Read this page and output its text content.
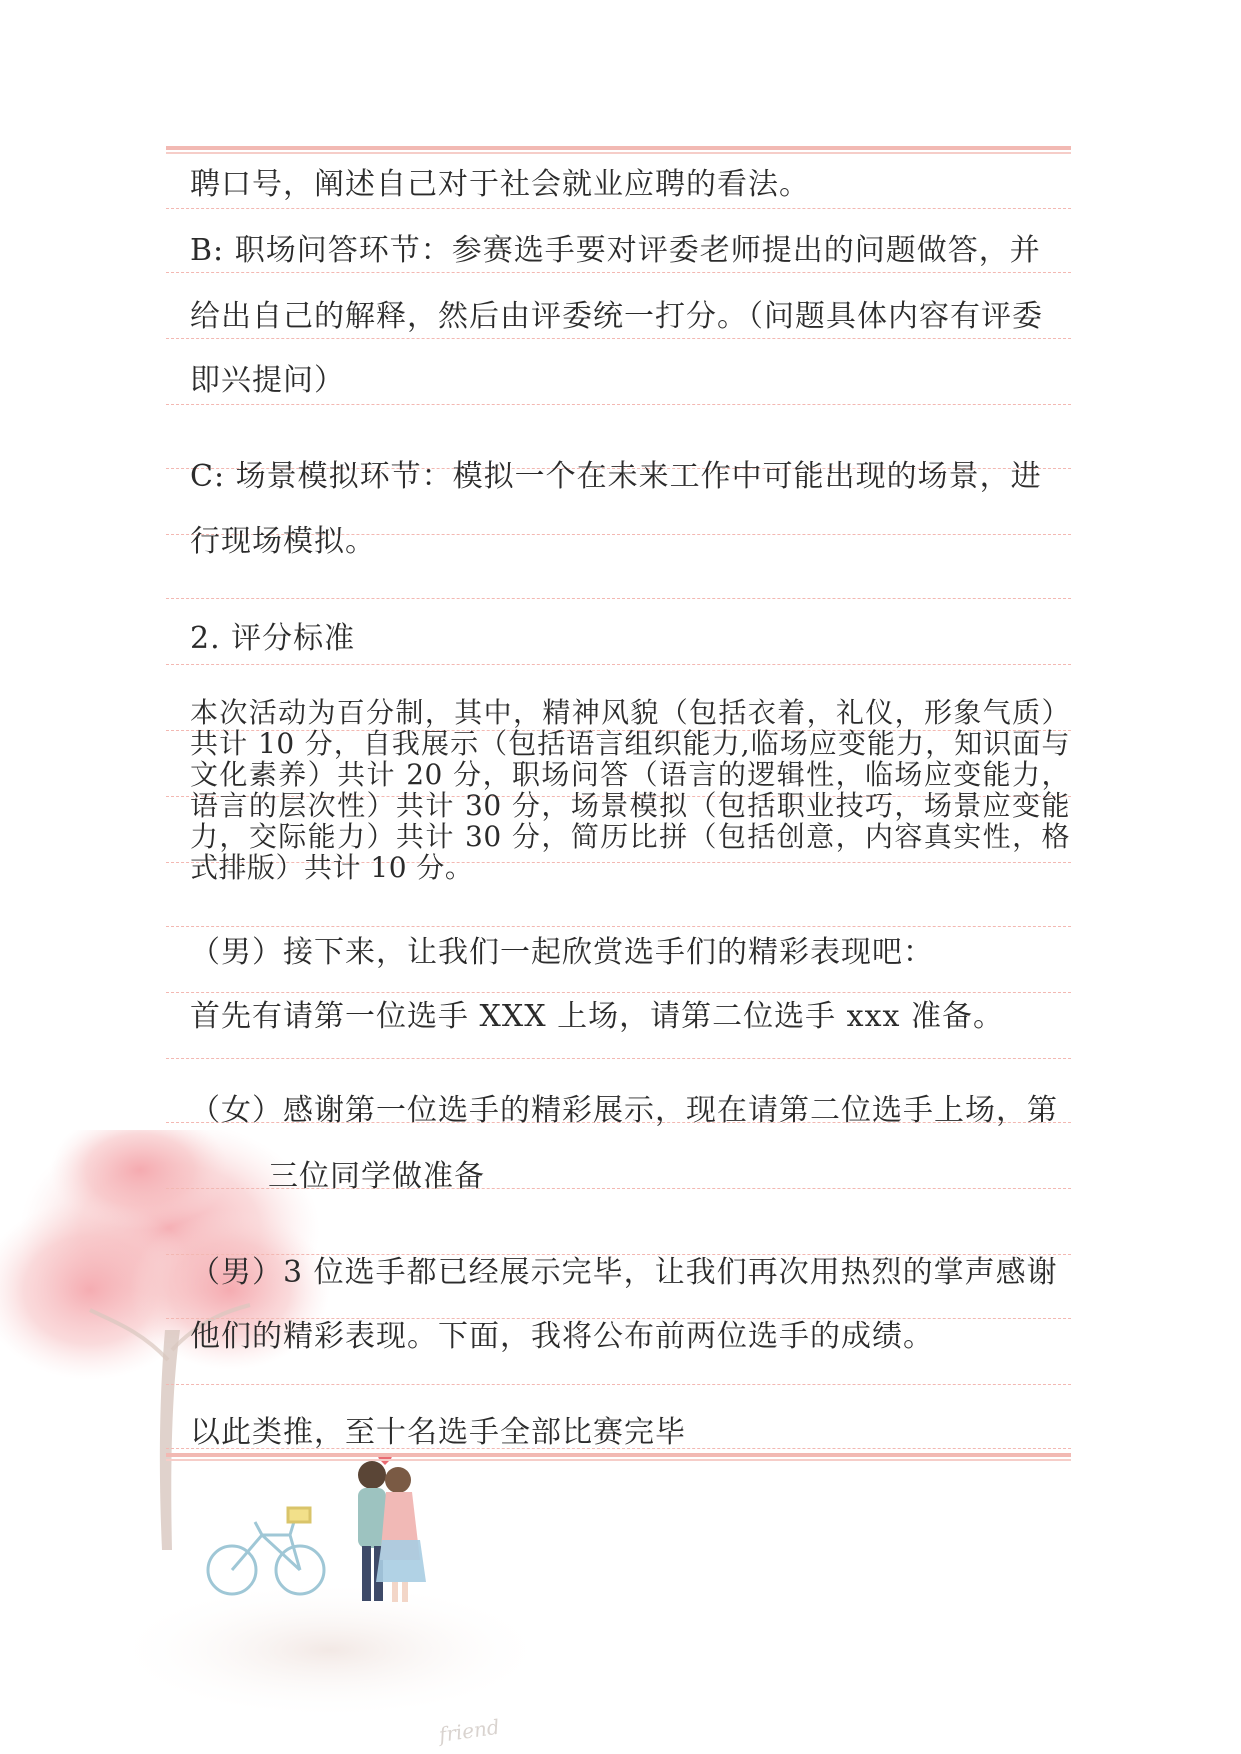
friend
聘口号，阐述自己对于社会就业应聘的看法。
B: 职场问答环节：参赛选手要对评委老师提出的问题做答，并
给出自己的解释，然后由评委统一打分。（问题具体内容有评委
即兴提问）
C: 场景模拟环节：模拟一个在未来工作中可能出现的场景，进
行现场模拟。
2. 评分标准
本次活动为百分制，其中，精神风貌（包括衣着，礼仪，形象气质）共计 10 分，自我展示（包括语言组织能力,临场应变能力，知识面与文化素养）共计 20 分，职场问答（语言的逻辑性，临场应变能力，语言的层次性）共计 30 分，场景模拟（包括职业技巧，场景应变能力，交际能力）共计 30 分，简历比拼（包括创意，内容真实性，格式排版）共计 10 分。
（男）接下来，让我们一起欣赏选手们的精彩表现吧：
首先有请第一位选手 XXX 上场，请第二位选手 xxx 准备。
（女）感谢第一位选手的精彩展示，现在请第二位选手上场，第
三位同学做准备
（男）3 位选手都已经展示完毕，让我们再次用热烈的掌声感谢
他们的精彩表现。下面，我将公布前两位选手的成绩。
以此类推，至十名选手全部比赛完毕
